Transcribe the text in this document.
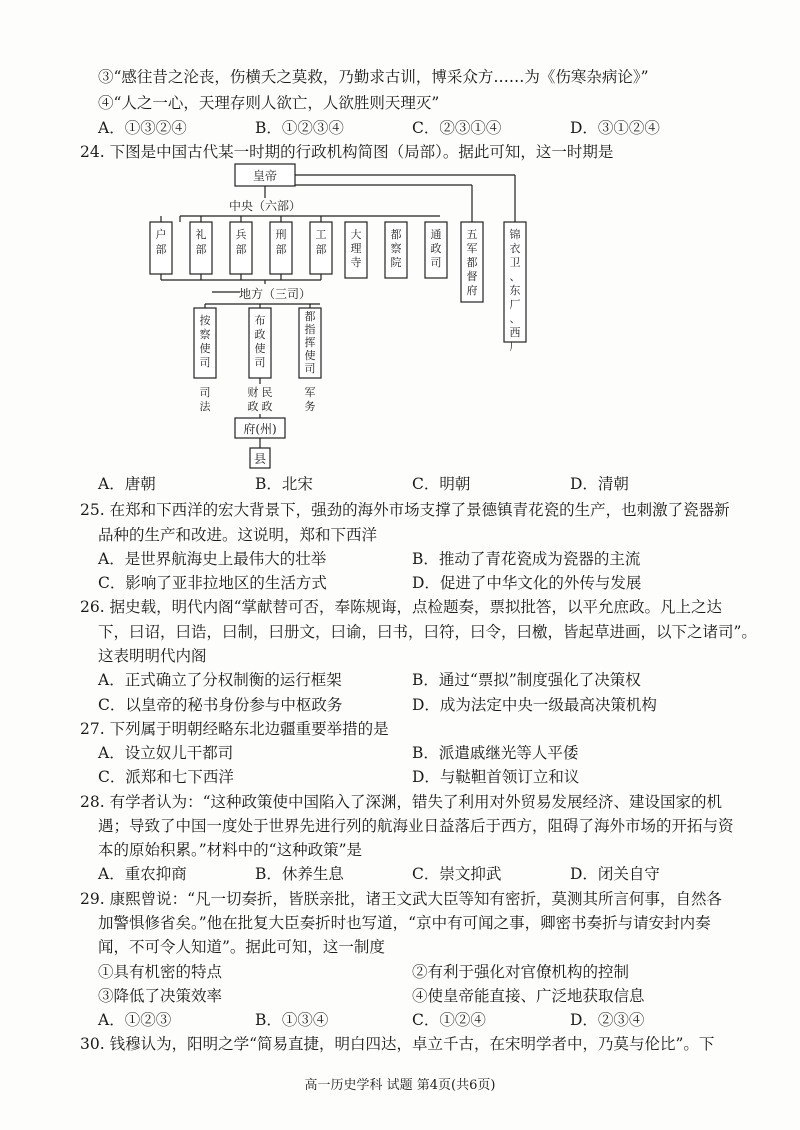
③“感往昔之沦丧，伤横夭之莫救，乃勤求古训，博采众方……为《伤寒杂病论》”
④“人之一心，天理存则人欲亡，人欲胜则天理灭”
A．①③②④	B．①②③④	C．②③①④	D．③①②④
24. 下图是中国古代某一时期的行政机构简图（局部）。据此可知，这一时期是
皇帝
中央（六部）
户
部
礼
部
兵
部
刑
部
工
部
大
理
寺
都
察
院
通
政
司
五
军
都
督
府
锦
衣
卫
、
东
厂
、
西
厂
地方（三司）
按
察
使
司
布
政
使
司
都
指
挥
使
司
司
法
财
政
民
政
军
务
府(州)
县
A．唐朝	B．北宋	C．明朝	D．清朝
25. 在郑和下西洋的宏大背景下，强劲的海外市场支撑了景德镇青花瓷的生产，也刺激了瓷器新
品种的生产和改进。这说明，郑和下西洋
A．是世界航海史上最伟大的壮举	B．推动了青花瓷成为瓷器的主流
C．影响了亚非拉地区的生活方式	D．促进了中华文化的外传与发展
26. 据史载，明代内阁“掌献替可否，奉陈规诲，点检题奏，票拟批答，以平允庶政。凡上之达
下，曰诏，曰诰，曰制，曰册文，曰谕，曰书，曰符，曰令，曰檄，皆起草进画，以下之诸司”。
这表明明代内阁
A．正式确立了分权制衡的运行框架	B．通过“票拟”制度强化了决策权
C．以皇帝的秘书身份参与中枢政务	D．成为法定中央一级最高决策机构
27. 下列属于明朝经略东北边疆重要举措的是
A．设立奴儿干都司	B．派遣戚继光等人平倭
C．派郑和七下西洋	D．与鞑靼首领订立和议
28. 有学者认为：“这种政策使中国陷入了深渊，错失了利用对外贸易发展经济、建设国家的机
遇；导致了中国一度处于世界先进行列的航海业日益落后于西方，阻碍了海外市场的开拓与资
本的原始积累。”材料中的“这种政策”是
A．重农抑商	B．休养生息	C．崇文抑武	D．闭关自守
29. 康熙曾说：“凡一切奏折，皆朕亲批，诸王文武大臣等知有密折，莫测其所言何事，自然各
加警惧修省矣。”他在批复大臣奏折时也写道，“京中有可闻之事，卿密书奏折与请安封内奏
闻，不可令人知道”。据此可知，这一制度
①具有机密的特点	②有利于强化对官僚机构的控制
③降低了决策效率	④使皇帝能直接、广泛地获取信息
A．①②③	B．①③④	C．①②④	D．②③④
30. 钱穆认为，阳明之学“简易直捷，明白四达，卓立千古，在宋明学者中，乃莫与伦比”。下
高一历史学科 试题 第4页(共6页)
